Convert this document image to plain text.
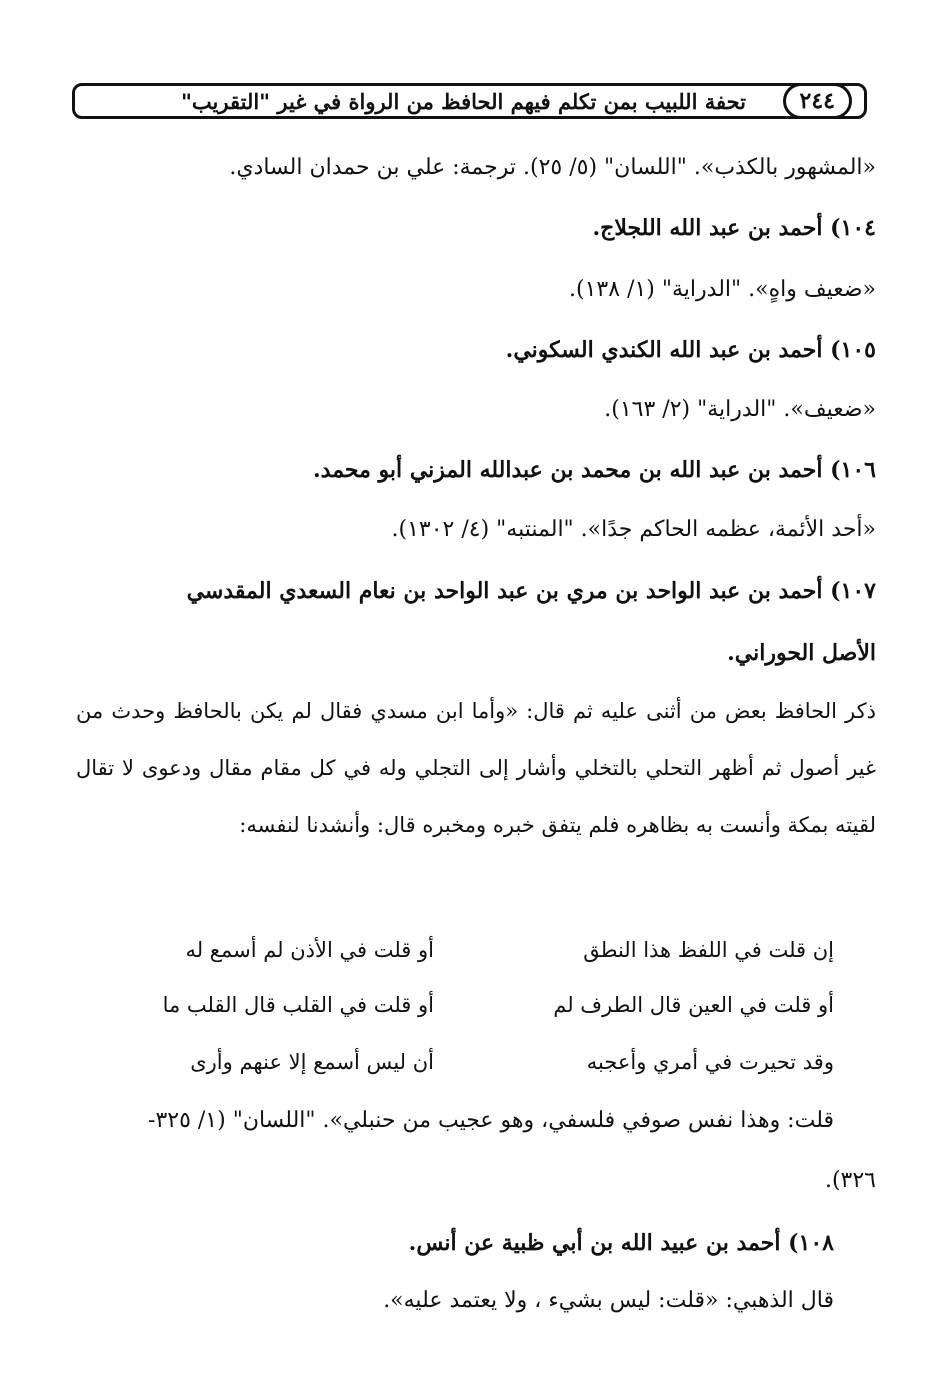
٢٤٤
تحفة اللبيب بمن تكلم فيهم الحافظ من الرواة في غير "التقريب"
«المشهور بالكذب». "اللسان" (٥/ ٢٥). ترجمة: علي بن حمدان السادي.
١٠٤) أحمد بن عبد الله اللجلاج.
«ضعيف واهٍ». "الدراية" (١/ ١٣٨).
١٠٥) أحمد بن عبد الله الكندي السكوني.
«ضعيف». "الدراية" (٢/ ١٦٣).
١٠٦) أحمد بن عبد الله بن محمد بن عبدالله المزني أبو محمد.
«أحد الأئمة، عظمه الحاكم جدًا». "المنتبه" (٤/ ١٣٠٢).
١٠٧) أحمد بن عبد الواحد بن مري بن عبد الواحد بن نعام السعدي المقدسي
الأصل الحوراني.
ذكر الحافظ بعض من أثنى عليه ثم قال: «وأما ابن مسدي فقال لم يكن بالحافظ وحدث من غير أصول ثم أظهر التحلي بالتخلي وأشار إلى التجلي وله في كل مقام مقال ودعوى لا تقال لقيته بمكة وأنست به بظاهره فلم يتفق خبره ومخبره قال: وأنشدنا لنفسه:
إن قلت في اللفظ هذا النطق
أو قلت في الأذن لم أسمع له
أو قلت في العين قال الطرف لم
أو قلت في القلب قال القلب ما
وقد تحيرت في أمري وأعجبه
أن ليس أسمع إلا عنهم وأرى
قلت: وهذا نفس صوفي فلسفي، وهو عجيب من حنبلي». "اللسان" (١/ ٣٢٥-
٣٢٦).
١٠٨) أحمد بن عبيد الله بن أبي ظبية عن أنس.
قال الذهبي: «قلت: ليس بشيء ، ولا يعتمد عليه».
